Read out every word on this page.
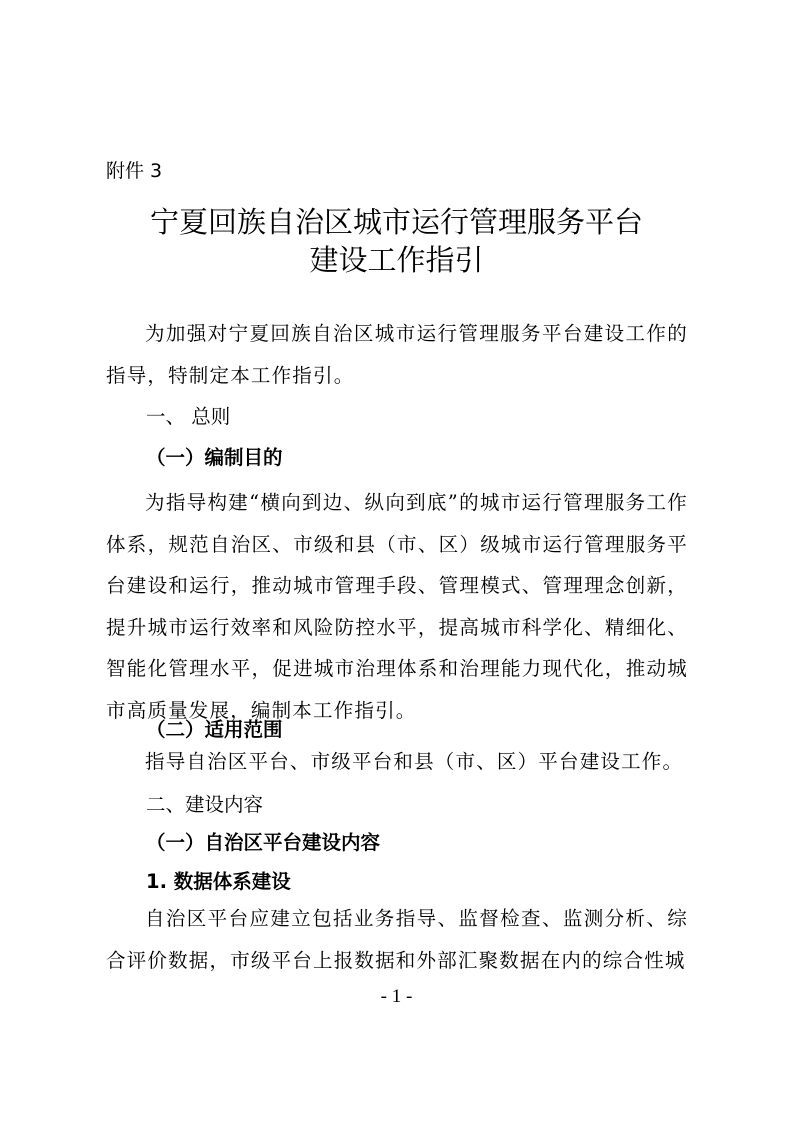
附件 3
宁夏回族自治区城市运行管理服务平台
建设工作指引

为加强对宁夏回族自治区城市运行管理服务平台建设工作的指导，特制定本工作指引。

一、 总则

（一）编制目的

为指导构建“横向到边、纵向到底”的城市运行管理服务工作体系，规范自治区、市级和县（市、区）级城市运行管理服务平台建设和运行，推动城市管理手段、管理模式、管理理念创新，提升城市运行效率和风险防控水平，提高城市科学化、精细化、智能化管理水平，促进城市治理体系和治理能力现代化，推动城市高质量发展，编制本工作指引。

（二）适用范围

指导自治区平台、市级平台和县（市、区）平台建设工作。

二、建设内容

（一）自治区平台建设内容

1. 数据体系建设

自治区平台应建立包括业务指导、监督检查、监测分析、综合评价数据，市级平台上报数据和外部汇聚数据在内的综合性城

- 1 -
